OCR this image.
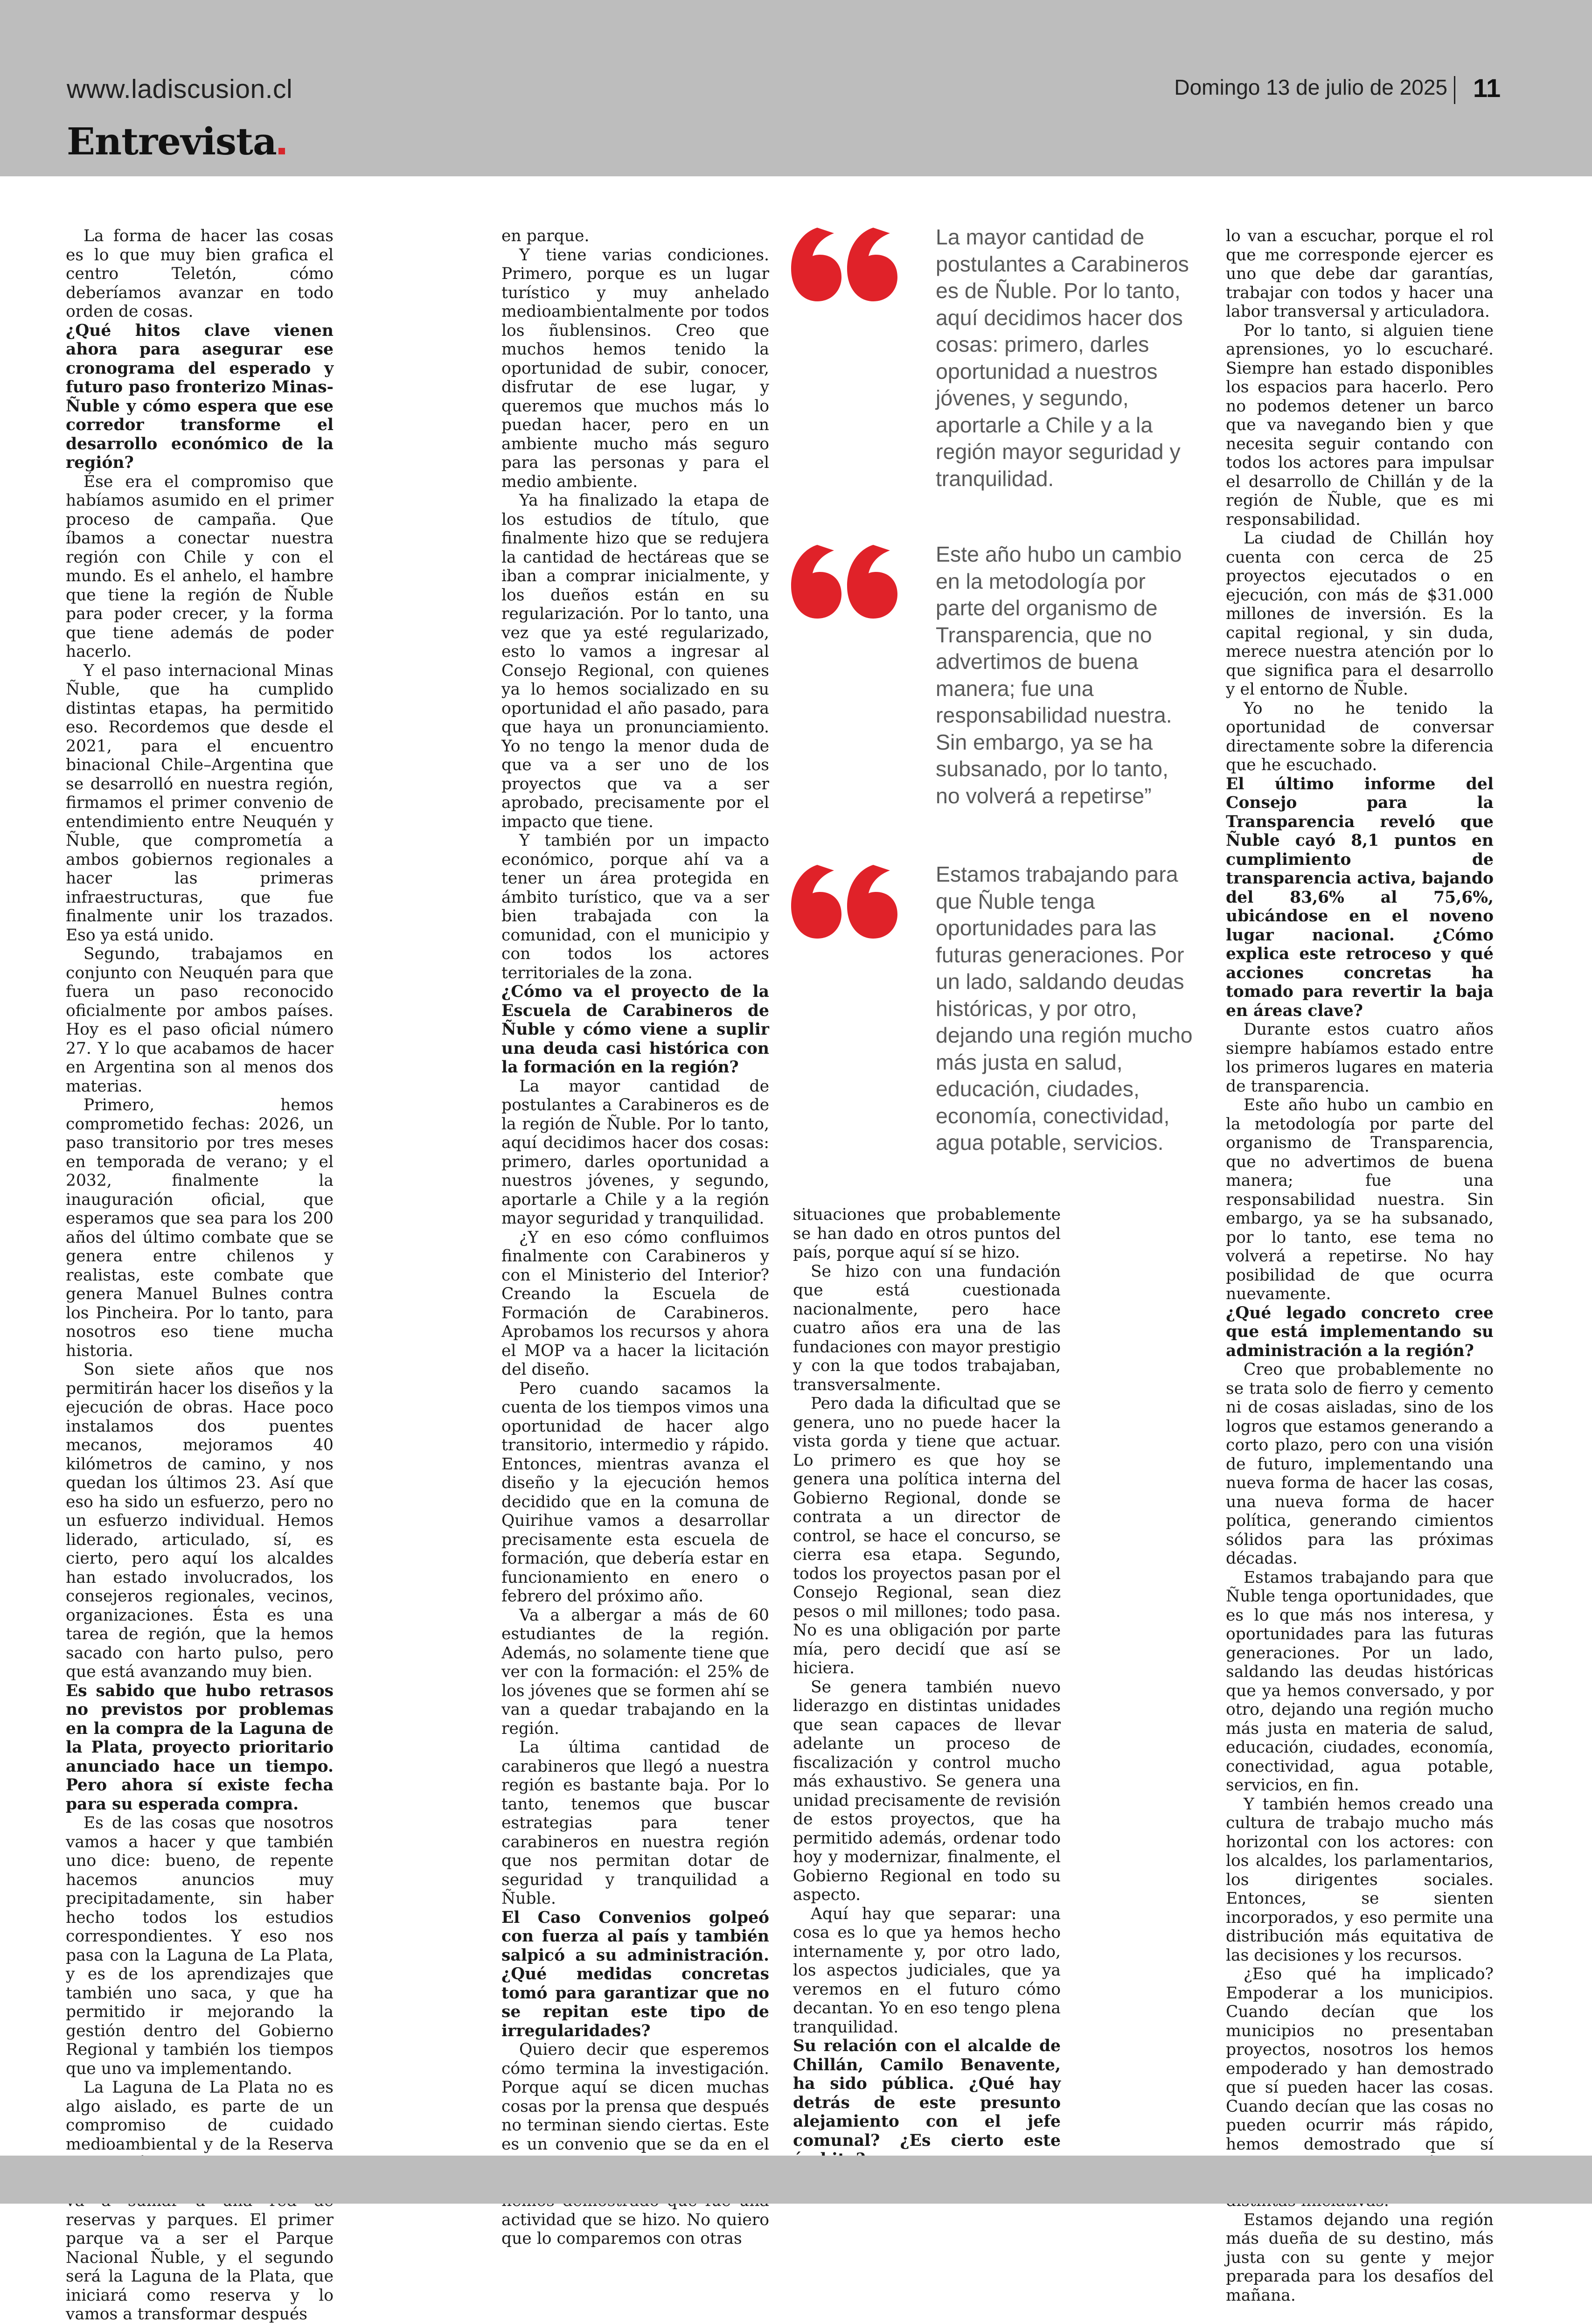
www.ladiscusion.cl	Domingo 13 de julio de 2025 11
Entrevista

La forma de hacer las cosas es lo que muy bien grafica el centro Teletón, cómo deberíamos avanzar en todo orden de cosas.

¿Qué hitos clave vienen ahora para asegurar ese cronograma del esperado y futuro paso fronterizo Minas-Ñuble y cómo espera que ese corredor transforme el desarrollo económico de la región?

Ése era el compromiso que habíamos asumido en el primer proceso de campaña. Que íbamos a conectar nuestra región con Chile y con el mundo. Es el anhelo, el hambre que tiene la región de Ñuble para poder crecer, y la forma que tiene además de poder hacerlo.

Y el paso internacional Minas Ñuble, que ha cumplido distintas etapas, ha permitido eso. Recordemos que desde el 2021, para el encuentro binacional Chile–Argentina que se desarrolló en nuestra región, firmamos el primer convenio de entendimiento entre Neuquén y Ñuble, que comprometía a ambos gobiernos regionales a hacer las primeras infraestructuras, que fue finalmente unir los trazados. Eso ya está unido.

Segundo, trabajamos en conjunto con Neuquén para que fuera un paso reconocido oficialmente por ambos países. Hoy es el paso oficial número 27. Y lo que acabamos de hacer en Argentina son al menos dos materias.

Primero, hemos comprometido fechas: 2026, un paso transitorio por tres meses en temporada de verano; y el 2032, finalmente la inauguración oficial, que esperamos que sea para los 200 años del último combate que se genera entre chilenos y realistas, este combate que genera Manuel Bulnes contra los Pincheira. Por lo tanto, para nosotros eso tiene mucha historia.

Son siete años que nos permitirán hacer los diseños y la ejecución de obras. Hace poco instalamos dos puentes mecanos, mejoramos 40 kilómetros de camino, y nos quedan los últimos 23. Así que eso ha sido un esfuerzo, pero no un esfuerzo individual. Hemos liderado, articulado, sí, es cierto, pero aquí los alcaldes han estado involucrados, los consejeros regionales, vecinos, organizaciones. Ésta es una tarea de región, que la hemos sacado con harto pulso, pero que está avanzando muy bien.

Es sabido que hubo retrasos no previstos por problemas en la compra de la Laguna de la Plata, proyecto prioritario anunciado hace un tiempo. Pero ahora sí existe fecha para su esperada compra.

Es de las cosas que nosotros vamos a hacer y que también uno dice: bueno, de repente hacemos anuncios muy precipitadamente, sin haber hecho todos los estudios correspondientes. Y eso nos pasa con la Laguna de La Plata, y es de los aprendizajes que también uno saca, y que ha permitido ir mejorando la gestión dentro del Gobierno Regional y también los tiempos que uno va implementando.

La Laguna de La Plata no es algo aislado, es parte de un compromiso de cuidado medioambiental y de la Reserva reservas y parques. El primer parque va a ser el Parque Nacional Ñuble, y el segundo será la Laguna de la Plata, que iniciará como reserva y lo vamos a transformar después

en parque.

Y tiene varias condiciones. Primero, porque es un lugar turístico y muy anhelado medioambientalmente por todos los ñublensinos. Creo que muchos hemos tenido la oportunidad de subir, conocer, disfrutar de ese lugar, y queremos que muchos más lo puedan hacer, pero en un ambiente mucho más seguro para las personas y para el medio ambiente.

Ya ha finalizado la etapa de los estudios de título, que finalmente hizo que se redujera la cantidad de hectáreas que se iban a comprar inicialmente, y los dueños están en su regularización. Por lo tanto, una vez que ya esté regularizado, esto lo vamos a ingresar al Consejo Regional, con quienes ya lo hemos socializado en su oportunidad el año pasado, para que haya un pronunciamiento. Yo no tengo la menor duda de que va a ser uno de los proyectos que va a ser aprobado, precisamente por el impacto que tiene.

Y también por un impacto económico, porque ahí va a tener un área protegida en ámbito turístico, que va a ser bien trabajada con la comunidad, con el municipio y con todos los actores territoriales de la zona.

¿Cómo va el proyecto de la Escuela de Carabineros de Ñuble y cómo viene a suplir una deuda casi histórica con la formación en la región?

La mayor cantidad de postulantes a Carabineros es de la región de Ñuble. Por lo tanto, aquí decidimos hacer dos cosas: primero, darles oportunidad a nuestros jóvenes, y segundo, aportarle a Chile y a la región mayor seguridad y tranquilidad.

¿Y en eso cómo confluimos finalmente con Carabineros y con el Ministerio del Interior? Creando la Escuela de Formación de Carabineros. Aprobamos los recursos y ahora el MOP va a hacer la licitación del diseño.

Pero cuando sacamos la cuenta de los tiempos vimos una oportunidad de hacer algo transitorio, intermedio y rápido. Entonces, mientras avanza el diseño y la ejecución hemos decidido que en la comuna de Quirihue vamos a desarrollar precisamente esta escuela de formación, que debería estar en funcionamiento en enero o febrero del próximo año.

Va a albergar a más de 60 estudiantes de la región. Además, no solamente tiene que ver con la formación: el 25% de los jóvenes que se formen ahí se van a quedar trabajando en la región.

La última cantidad de carabineros que llegó a nuestra región es bastante baja. Por lo tanto, tenemos que buscar estrategias para tener carabineros en nuestra región que nos permitan dotar de seguridad y tranquilidad a Ñuble.

El Caso Convenios golpeó con fuerza al país y también salpicó a su administración. ¿Qué medidas concretas tomó para garantizar que no se repitan este tipo de irregularidades?

Quiero decir que esperemos cómo termina la investigación. Porque aquí se dicen muchas cosas por la prensa que después no terminan siendo ciertas. Este es un convenio que se da en el actividad que se hizo. No quiero que lo comparemos con otras

situaciones que probablemente se han dado en otros puntos del país, porque aquí sí se hizo.

Se hizo con una fundación que está cuestionada nacionalmente, pero hace cuatro años era una de las fundaciones con mayor prestigio y con la que todos trabajaban, transversalmente.

Pero dada la dificultad que se genera, uno no puede hacer la vista gorda y tiene que actuar. Lo primero es que hoy se genera una política interna del Gobierno Regional, donde se contrata a un director de control, se hace el concurso, se cierra esa etapa. Segundo, todos los proyectos pasan por el Consejo Regional, sean diez pesos o mil millones; todo pasa. No es una obligación por parte mía, pero decidí que así se hiciera.

Se genera también nuevo liderazgo en distintas unidades que sean capaces de llevar adelante un proceso de fiscalización y control mucho más exhaustivo. Se genera una unidad precisamente de revisión de estos proyectos, que ha permitido además, ordenar todo hoy y modernizar, finalmente, el Gobierno Regional en todo su aspecto.

Aquí hay que separar: una cosa es lo que ya hemos hecho internamente y, por otro lado, los aspectos judiciales, que ya veremos en el futuro cómo decantan. Yo en eso tengo plena tranquilidad.

Su relación con el alcalde de Chillán, Camilo Benavente, ha sido pública. ¿Qué hay detrás de este presunto alejamiento con el jefe comunal? ¿Es cierto este

lo van a escuchar, porque el rol que me corresponde ejercer es uno que debe dar garantías, trabajar con todos y hacer una labor transversal y articuladora.

Por lo tanto, si alguien tiene aprensiones, yo lo escucharé. Siempre han estado disponibles los espacios para hacerlo. Pero no podemos detener un barco que va navegando bien y que necesita seguir contando con todos los actores para impulsar el desarrollo de Chillán y de la región de Ñuble, que es mi responsabilidad.

La ciudad de Chillán hoy cuenta con cerca de 25 proyectos ejecutados o en ejecución, con más de $31.000 millones de inversión. Es la capital regional, y sin duda, merece nuestra atención por lo que significa para el desarrollo y el entorno de Ñuble.

Yo no he tenido la oportunidad de conversar directamente sobre la diferencia que he escuchado.

El último informe del Consejo para la Transparencia reveló que Ñuble cayó 8,1 puntos en cumplimiento de transparencia activa, bajando del 83,6% al 75,6%, ubicándose en el noveno lugar nacional. ¿Cómo explica este retroceso y qué acciones concretas ha tomado para revertir la baja en áreas clave?

Durante estos cuatro años siempre habíamos estado entre los primeros lugares en materia de transparencia.

Este año hubo un cambio en la metodología por parte del organismo de Transparencia, que no advertimos de buena manera; fue una responsabilidad nuestra. Sin embargo, ya se ha subsanado, por lo tanto, ese tema no volverá a repetirse. No hay posibilidad de que ocurra nuevamente.

¿Qué legado concreto cree que está implementando su administración a la región?

Creo que probablemente no se trata solo de fierro y cemento ni de cosas aisladas, sino de los logros que estamos generando a corto plazo, pero con una visión de futuro, implementando una nueva forma de hacer las cosas, una nueva forma de hacer política, generando cimientos sólidos para las próximas décadas.

Estamos trabajando para que Ñuble tenga oportunidades, que es lo que más nos interesa, y oportunidades para las futuras generaciones. Por un lado, saldando las deudas históricas que ya hemos conversado, y por otro, dejando una región mucho más justa en materia de salud, educación, ciudades, economía, conectividad, agua potable, servicios, en fin.

Y también hemos creado una cultura de trabajo mucho más horizontal con los actores: con los alcaldes, los parlamentarios, los dirigentes sociales. Entonces, se sienten incorporados, y eso permite una distribución más equitativa de las decisiones y los recursos.

¿Eso qué ha implicado? Empoderar a los municipios. Cuando decían que los municipios no presentaban proyectos, nosotros los hemos empoderado y han demostrado que sí pueden hacer las cosas. Cuando decían que las cosas no pueden ocurrir más rápido, hemos demostrado que sí

Estamos dejando una región más dueña de su destino, más justa con su gente y mejor preparada para los desafíos del mañana.

La mayor cantidad de postulantes a Carabineros es de Ñuble. Por lo tanto, aquí decidimos hacer dos cosas: primero, darles oportunidad a nuestros jóvenes, y segundo, aportarle a Chile y a la región mayor seguridad y tranquilidad.
Este año hubo un cambio en la metodología por parte del organismo de Transparencia, que no advertimos de buena manera; fue una responsabilidad nuestra. Sin embargo, ya se ha subsanado, por lo tanto, no volverá a repetirse”
Estamos trabajando para que Ñuble tenga oportunidades para las futuras generaciones. Por un lado, saldando deudas históricas, y por otro, dejando una región mucho más justa en salud, educación, ciudades, economía, conectividad, agua potable, servicios.
